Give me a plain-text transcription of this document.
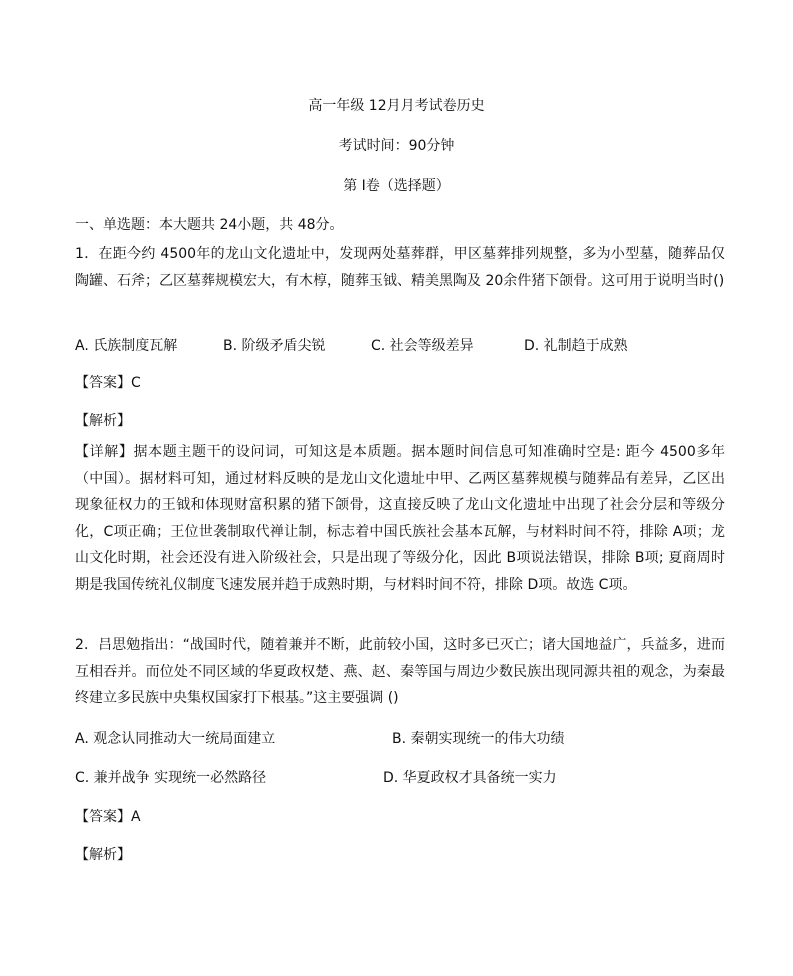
高一年级 12月月考试卷历史
考试时间：90分钟
第 I卷（选择题）
一、单选题：本大题共 24小题，共 48分。
1．在距今约 4500年的龙山文化遗址中，发现两处墓葬群，甲区墓葬排列规整，多为小型墓，随葬品仅陶罐、石斧；乙区墓葬规模宏大，有木椁，随葬玉钺、精美黑陶及 20余件猪下颌骨。这可用于说明当时()
A. 氏族制度瓦解	B. 阶级矛盾尖锐	C. 社会等级差异	D. 礼制趋于成熟
【答案】C
【解析】
【详解】据本题主题干的设问词，可知这是本质题。据本题时间信息可知准确时空是: 距今 4500多年（中国）。据材料可知，通过材料反映的是龙山文化遗址中甲、乙两区墓葬规模与随葬品有差异，乙区出现象征权力的王钺和体现财富积累的猪下颌骨，这直接反映了龙山文化遗址中出现了社会分层和等级分化，C项正确；王位世袭制取代禅让制，标志着中国氏族社会基本瓦解，与材料时间不符，排除 A项；龙山文化时期，社会还没有进入阶级社会，只是出现了等级分化，因此 B项说法错误，排除 B项; 夏商周时期是我国传统礼仪制度飞速发展并趋于成熟时期，与材料时间不符，排除 D项。故选 C项。
2．吕思勉指出：“战国时代，随着兼并不断，此前较小国，这时多已灭亡；诸大国地益广，兵益多，进而互相吞并。而位处不同区域的华夏政权楚、燕、赵、秦等国与周边少数民族出现同源共祖的观念，为秦最终建立多民族中央集权国家打下根基。”这主要强调 ()
A. 观念认同推动大一统局面建立	B. 秦朝实现统一的伟大功绩
C. 兼并战争 实现统一必然路径	D. 华夏政权才具备统一实力
【答案】A
【解析】
